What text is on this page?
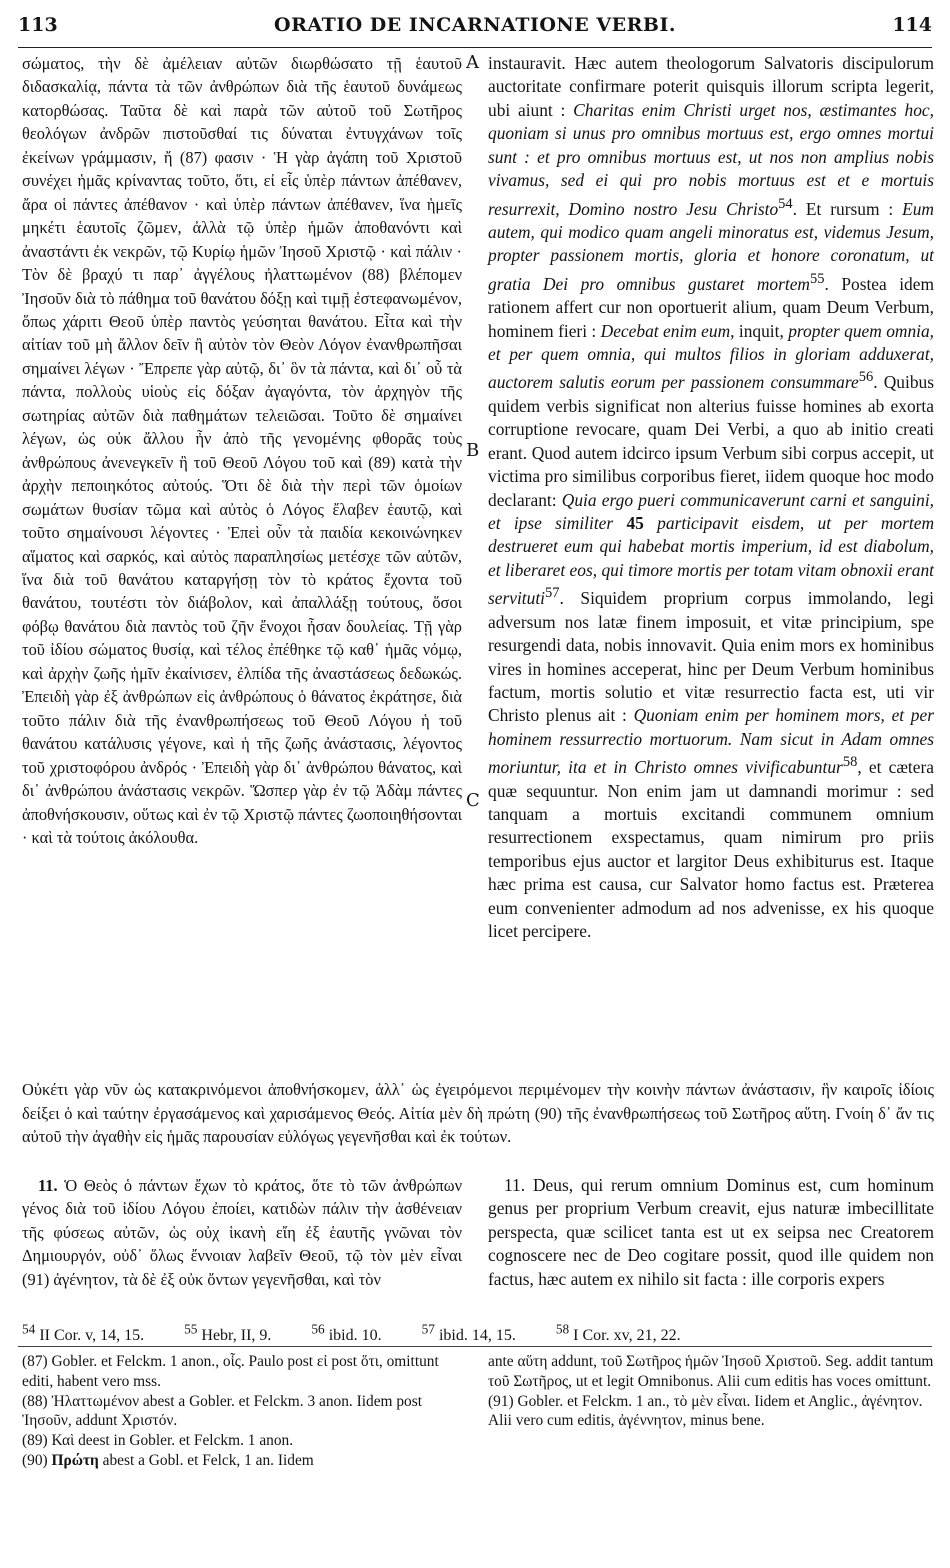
113	ORATIO DE INCARNATIONE VERBI.	114
A
B
C

σώματος, τὴν δὲ ἀμέλειαν αὐτῶν διωρθώσατο τῇ ἑαυτοῦ διδασκαλίᾳ, πάντα τὰ τῶν ἀνθρώπων διὰ τῆς ἑαυτοῦ δυνάμεως κατορθώσας. Ταῦτα δὲ καὶ παρὰ τῶν αὐτοῦ τοῦ Σωτῆρος θεολόγων ἀνδρῶν πιστοῦσθαί τις δύναται ἐντυγχάνων τοῖς ἐκείνων γράμμασιν, ἤ (87) φασιν · Ἡ γὰρ ἀγάπη τοῦ Χριστοῦ συνέχει ἡμᾶς κρίναντας τοῦτο, ὅτι, εἰ εἷς ὑπὲρ πάντων ἀπέθανεν, ἄρα οἱ πάντες ἀπέθανον · καὶ ὑπὲρ πάντων ἀπέθανεν, ἵνα ἡμεῖς μηκέτι ἑαυτοῖς ζῶμεν, ἀλλὰ τῷ ὑπὲρ ἡμῶν ἀποθανόντι καὶ ἀναστάντι ἐκ νεκρῶν, τῷ Κυρίῳ ἡμῶν Ἰησοῦ Χριστῷ · καὶ πάλιν · Τὸν δὲ βραχύ τι παρ᾽ ἀγγέλους ἠλαττωμένον (88) βλέπομεν Ἰησοῦν διὰ τὸ πάθημα τοῦ θανάτου δόξῃ καὶ τιμῇ ἐστεφανωμένον, ὅπως χάριτι Θεοῦ ὑπὲρ παντὸς γεύσηται θανάτου. Εἶτα καὶ τὴν αἰτίαν τοῦ μὴ ἄλλον δεῖν ἢ αὐτὸν τὸν Θεὸν Λόγον ἐνανθρωπῆσαι σημαίνει λέγων · Ἔπρεπε γὰρ αὐτῷ, δι᾽ ὃν τὰ πάντα, καὶ δι᾽ οὗ τὰ πάντα, πολλοὺς υἱοὺς εἰς δόξαν ἀγαγόντα, τὸν ἀρχηγὸν τῆς σωτηρίας αὐτῶν διὰ παθημάτων τελειῶσαι. Τοῦτο δὲ σημαίνει λέγων, ὡς οὐκ ἄλλου ἦν ἀπὸ τῆς γενομένης φθορᾶς τοὺς ἀνθρώπους ἀνενεγκεῖν ἢ τοῦ Θεοῦ Λόγου τοῦ καὶ (89) κατὰ τὴν ἀρχὴν πεποιηκότος αὐτούς. Ὅτι δὲ διὰ τὴν περὶ τῶν ὁμοίων σωμάτων θυσίαν τῶμα καὶ αὐτὸς ὁ Λόγος ἔλαβεν ἑαυτῷ, καὶ τοῦτο σημαίνουσι λέγοντες · Ἐπεὶ οὖν τὰ παιδία κεκοινώνηκεν αἵματος καὶ σαρκός, καὶ αὐτὸς παραπλησίως μετέσχε τῶν αὐτῶν, ἵνα διὰ τοῦ θανάτου καταργήσῃ τὸν τὸ κράτος ἔχοντα τοῦ θανάτου, τουτέστι τὸν διάβολον, καὶ ἀπαλλάξῃ τούτους, ὅσοι φόβῳ θανάτου διὰ παντὸς τοῦ ζῆν ἔνοχοι ἦσαν δουλείας. Τῇ γὰρ τοῦ ἰδίου σώματος θυσίᾳ, καὶ τέλος ἐπέθηκε τῷ καθ᾽ ἡμᾶς νόμῳ, καὶ ἀρχὴν ζωῆς ἡμῖν ἐκαίνισεν, ἐλπίδα τῆς ἀναστάσεως δεδωκώς. Ἐπειδὴ γὰρ ἐξ ἀνθρώπων εἰς ἀνθρώπους ὁ θάνατος ἐκράτησε, διὰ τοῦτο πάλιν διὰ τῆς ἐνανθρωπήσεως τοῦ Θεοῦ Λόγου ἡ τοῦ θανάτου κατάλυσις γέγονε, καὶ ἡ τῆς ζωῆς ἀνάστασις, λέγοντος τοῦ χριστοφόρου ἀνδρός · Ἐπειδὴ γὰρ δι᾽ ἀνθρώπου θάνατος, καὶ δι᾽ ἀνθρώπου ἀνάστασις νεκρῶν. Ὥσπερ γὰρ ἐν τῷ Ἀδὰμ πάντες ἀποθνήσκουσιν, οὕτως καὶ ἐν τῷ Χριστῷ πάντες ζωοποιηθήσονται · καὶ τὰ τούτοις ἀκόλουθα.

instauravit. Hæc autem theologorum Salvatoris discipulorum auctoritate confirmare poterit quisquis illorum scripta legerit, ubi aiunt : Charitas enim Christi urget nos, æstimantes hoc, quoniam si unus pro omnibus mortuus est, ergo omnes mortui sunt : et pro omnibus mortuus est, ut nos non amplius nobis vivamus, sed ei qui pro nobis mortuus est et e mortuis resurrexit, Domino nostro Jesu Christo$^{54}$. Et rursum : Eum autem, qui modico quam angeli minoratus est, videmus Jesum, propter passionem mortis, gloria et honore coronatum, ut gratia Dei pro omnibus gustaret mortem$^{55}$. Postea idem rationem affert cur non oportuerit alium, quam Deum Verbum, hominem fieri : Decebat enim eum, inquit, propter quem omnia, et per quem omnia, qui multos filios in gloriam adduxerat, auctorem salutis eorum per passionem consummare$^{56}$. Quibus quidem verbis significat non alterius fuisse homines ab exorta corruptione revocare, quam Dei Verbi, a quo ab initio creati erant. Quod autem idcirco ipsum Verbum sibi corpus accepit, ut victima pro similibus corporibus fieret, iidem quoque hoc modo declarant: Quia ergo pueri communicaverunt carni et sanguini, et ipse similiter 45 participavit eisdem, ut per mortem destrueret eum qui habebat mortis imperium, id est diabolum, et liberaret eos, qui timore mortis per totam vitam obnoxii erant servituti$^{57}$. Siquidem proprium corpus immolando, legi adversum nos latæ finem imposuit, et vitæ principium, spe resurgendi data, nobis innovavit. Quia enim mors ex hominibus vires in homines acceperat, hinc per Deum Verbum hominibus factum, mortis solutio et vitæ resurrectio facta est, uti vir Christo plenus ait : Quoniam enim per hominem mors, et per hominem ressurrectio mortuorum. Nam sicut in Adam omnes moriuntur, ita et in Christo omnes vivificabuntur$^{58}$, et cætera quæ sequuntur. Non enim jam ut damnandi morimur : sed tanquam a mortuis excitandi communem omnium resurrectionem exspectamus, quam nimirum pro priis temporibus ejus auctor et largitor Deus exhibiturus est. Itaque hæc prima est causa, cur Salvator homo factus est. Præterea eum convenienter admodum ad nos advenisse, ex his quoque licet percipere.

Οὐκέτι γὰρ νῦν ὡς κατακρινόμενοι ἀποθνήσκομεν, ἀλλ᾽ ὡς ἐγειρόμενοι περιμένομεν τὴν κοινὴν πάντων ἀνάστασιν, ἣν καιροῖς ἰδίοις δείξει ὁ καὶ ταύτην ἐργασάμενος καὶ χαρισάμενος Θεός. Αἰτία μὲν δὴ πρώτη (90) τῆς ἐνανθρωπήσεως τοῦ Σωτῆρος αὕτη. Γνοίη δ᾽ ἄν τις αὐτοῦ τὴν ἀγαθὴν εἰς ἡμᾶς παρουσίαν εὐλόγως γεγενῆσθαι καὶ ἐκ τούτων.

11. Ὁ Θεὸς ὁ πάντων ἔχων τὸ κράτος, ὅτε τὸ τῶν ἀνθρώπων γένος διὰ τοῦ ἰδίου Λόγου ἐποίει, κατιδὼν πάλιν τὴν ἀσθένειαν τῆς φύσεως αὐτῶν, ὡς οὐχ ἱκανὴ εἴη ἐξ ἑαυτῆς γνῶναι τὸν Δημιουργόν, οὐδ᾽ ὅλως ἔννοιαν λαβεῖν Θεοῦ, τῷ τὸν μὲν εἶναι (91) ἀγένητον, τὰ δὲ ἐξ οὐκ ὄντων γεγενῆσθαι, καὶ τὸν

11. Deus, qui rerum omnium Dominus est, cum hominum genus per proprium Verbum creavit, ejus naturæ imbecillitate perspecta, quæ scilicet tanta est ut ex seipsa nec Creatorem cognoscere nec de Deo cogitare possit, quod ille quidem non factus, hæc autem ex nihilo sit facta : ille corporis expers

$^{54}$ II Cor. v, 14, 15.	$^{55}$ Hebr, II, 9.	$^{56}$ ibid. 10.	$^{57}$ ibid. 14, 15.	$^{58}$ I Cor. xv, 21, 22.

(87) Gobler. et Felckm. 1 anon., οἷς. Paulo post εἰ post ὅτι, omittunt editi, habent vero mss.

(88) Ἠλαττωμένον abest a Gobler. et Felckm. 3 anon. Iidem post Ἰησοῦν, addunt Χριστόν.

(89) Καὶ deest in Gobler. et Felckm. 1 anon.

(90) Πρώτη abest a Gobl. et Felck, 1 an. Iidem

ante αὕτη addunt, τοῦ Σωτῆρος ἡμῶν Ἰησοῦ Χριστοῦ. Seg. addit tantum τοῦ Σωτῆρος, ut et legit Omnibonus. Alii cum editis has voces omittunt.

(91) Gobler. et Felckm. 1 an., τὸ μὲν εἶναι. Iidem et Anglic., ἀγένητον. Alii vero cum editis, ἀγέννητον, minus bene.
